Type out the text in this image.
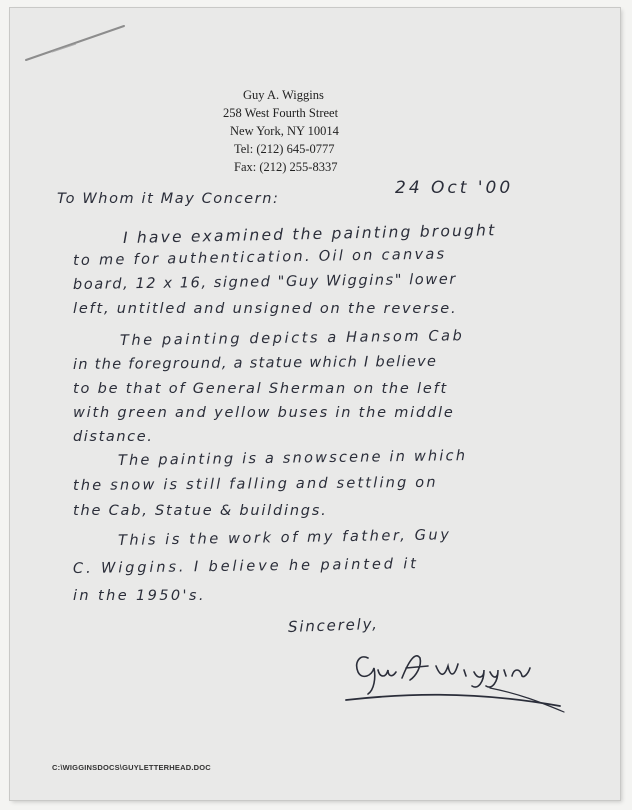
Guy A. Wiggins
258 West Fourth Street
New York, NY 10014
Tel: (212) 645-0777
Fax: (212) 255-8337
24 Oct '00
To Whom it May Concern:
I have examined the painting brought
to me for authentication. Oil on canvas
board, 12 x 16, signed "Guy Wiggins" lower
left, untitled and unsigned on the reverse.
The painting depicts a Hansom Cab
in the foreground, a statue which I believe
to be that of General Sherman on the left
with green and yellow buses in the middle
distance.
The painting is a snowscene in which
the snow is still falling and settling on
the Cab, Statue & buildings.
This is the work of my father, Guy
C. Wiggins. I believe he painted it
in the 1950's.
Sincerely,
C:\WIGGINSDOCS\GUYLETTERHEAD.DOC
